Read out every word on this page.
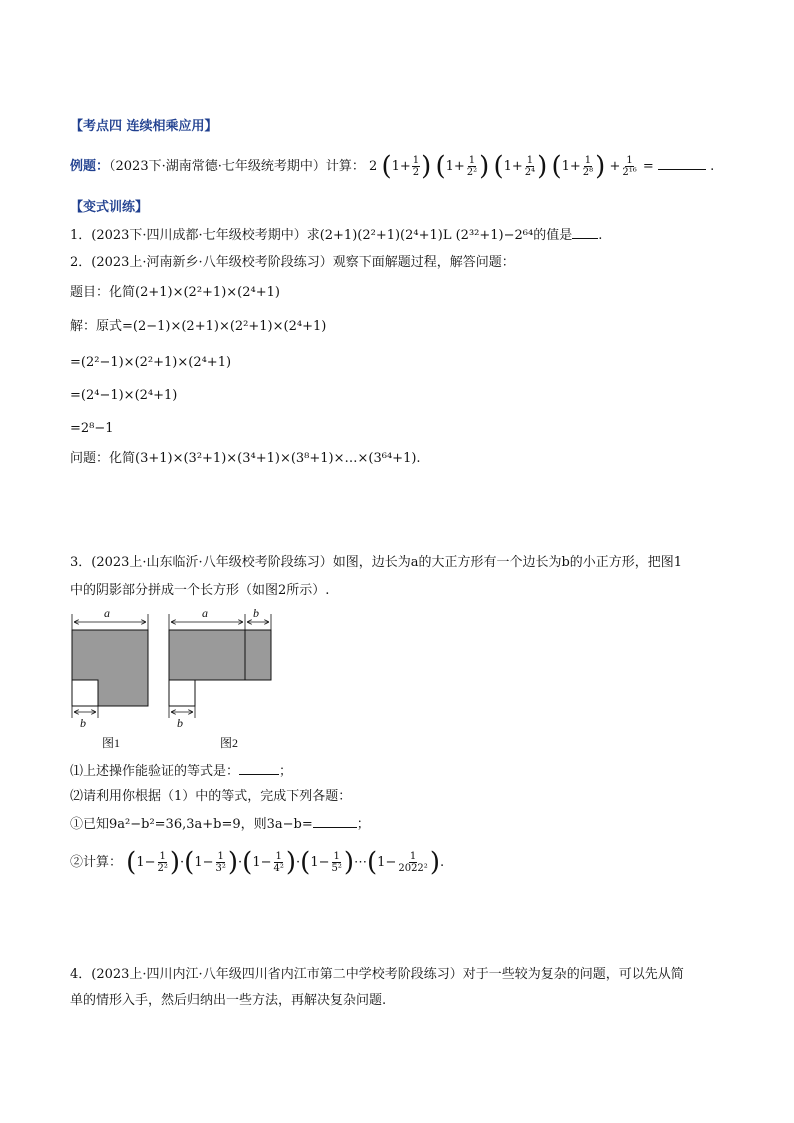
【考点四 连续相乘应用】
例题：（2023下·湖南常德·七年级统考期中）计算： 2 ($1+ \frac{1}{2}$ ) ($1+ \frac{1}{\text{2²}}$ ) ($1+ \frac{1}{\text{2⁴}}$ ) ($1+ \frac{1}{\text{2⁸}}$ ) + $\frac{1}{\text{2¹⁶}}$ =	.
【变式训练】
1．(2023下·四川成都·七年级校考期中）求(2+1)(2²+1)(2⁴+1)L (2³²+1)−2⁶⁴的值是 .
2．(2023上·河南新乡·八年级校考阶段练习）观察下面解题过程，解答问题：
题目：化简(2+1)×(2²+1)×(2⁴+1)
解：原式=(2−1)×(2+1)×(2²+1)×(2⁴+1)
=(2²−1)×(2²+1)×(2⁴+1)
=(2⁴−1)×(2⁴+1)
=2⁸−1
问题：化简(3+1)×(3²+1)×(3⁴+1)×(3⁸+1)×…×(3⁶⁴+1).
3．(2023上·山东临沂·八年级校考阶段练习）如图，边长为a的大正方形有一个边长为b的小正方形，把图1
中的阴影部分拼成一个长方形（如图2所示）.
a
b
a	b
b
图1	图2
⑴上述操作能验证的等式是：	；
⑵请利用你根据（1）中的等式，完成下列各题：
①已知9a²−b²=36,3a+b=9，则3a−b=	；
②计算： $(1- \frac{1}{\text{2²}} )\cdot(1- \frac{1}{\text{3²}} )\cdot(1- \frac{1}{\text{4²}} )\cdot(1- \frac{1}{\text{5²}}$ )⋯(1− $\frac{1}{\text{2022²}}$ ).
4．(2023上·四川内江·八年级四川省内江市第二中学校考阶段练习）对于一些较为复杂的问题，可以先从简
单的情形入手，然后归纳出一些方法，再解决复杂问题.
